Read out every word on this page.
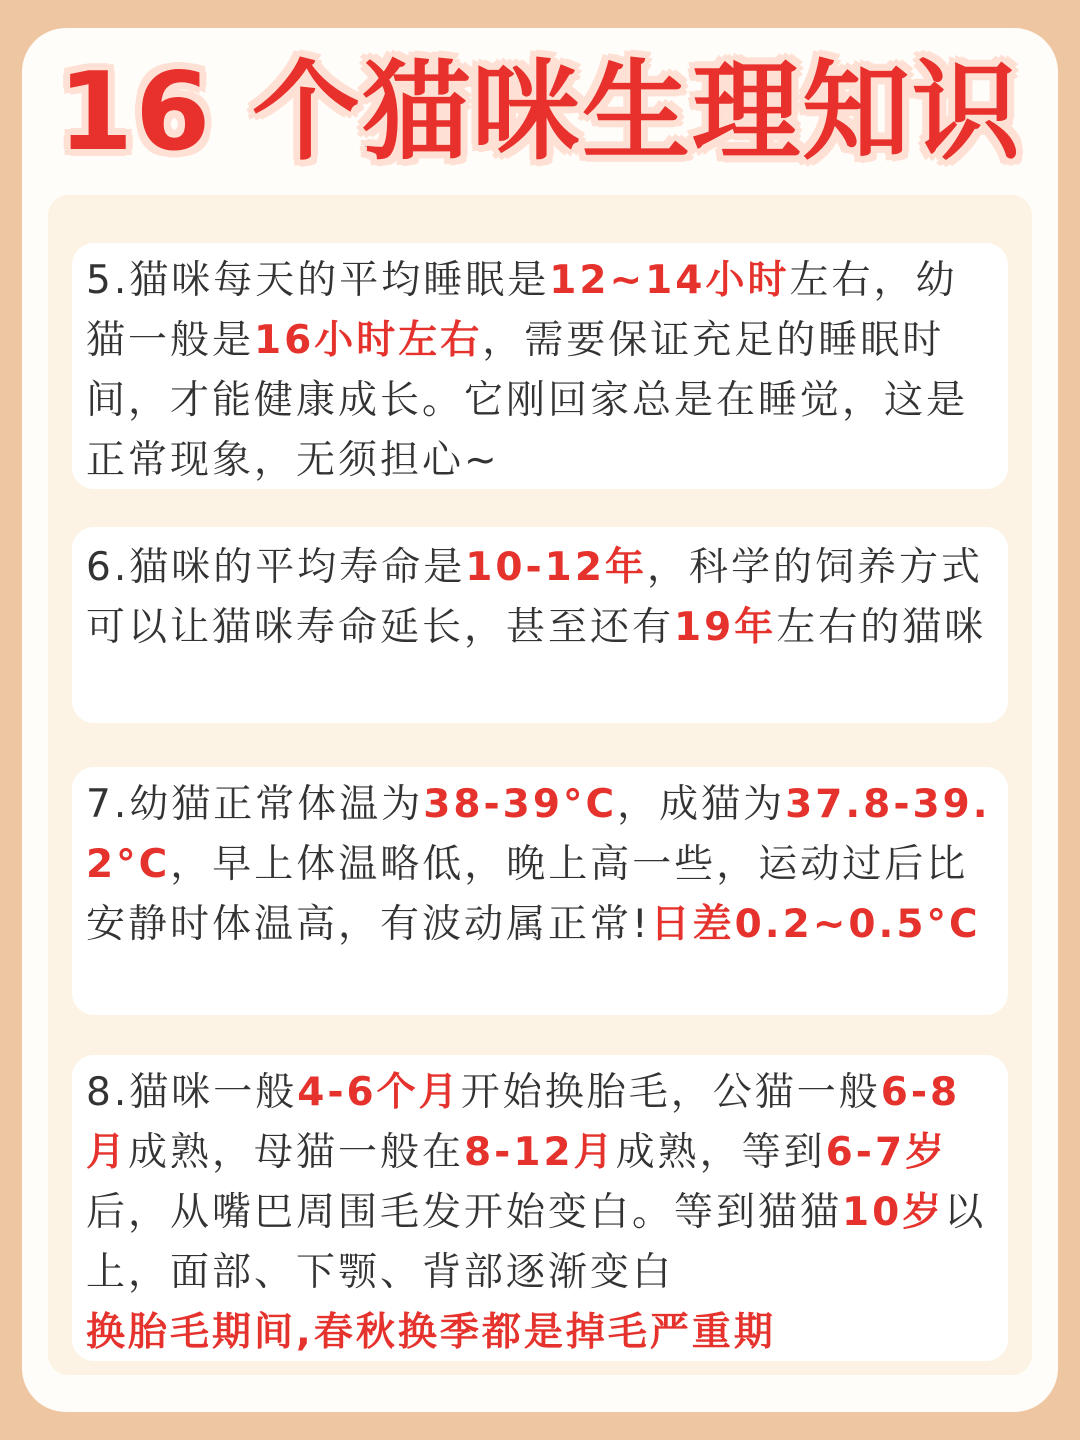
16 个猫咪生理知识

5.猫咪每天的平均睡眠是12~14小时左右，幼猫一般是16小时左右，需要保证充足的睡眠时间，才能健康成长。它刚回家总是在睡觉，这是正常现象，无须担心~

6.猫咪的平均寿命是10-12年，科学的饲养方式可以让猫咪寿命延长，甚至还有19年左右的猫咪

7.幼猫正常体温为38-39°C，成猫为37.8-39.2°C，早上体温略低，晚上高一些，运动过后比安静时体温高，有波动属正常!日差0.2~0.5°C

8.猫咪一般4-6个月开始换胎毛，公猫一般6-8月成熟，母猫一般在8-12月成熟，等到6-7岁后，从嘴巴周围毛发开始变白。等到猫猫10岁以上，面部、下颚、背部逐渐变白
换胎毛期间,春秋换季都是掉毛严重期
